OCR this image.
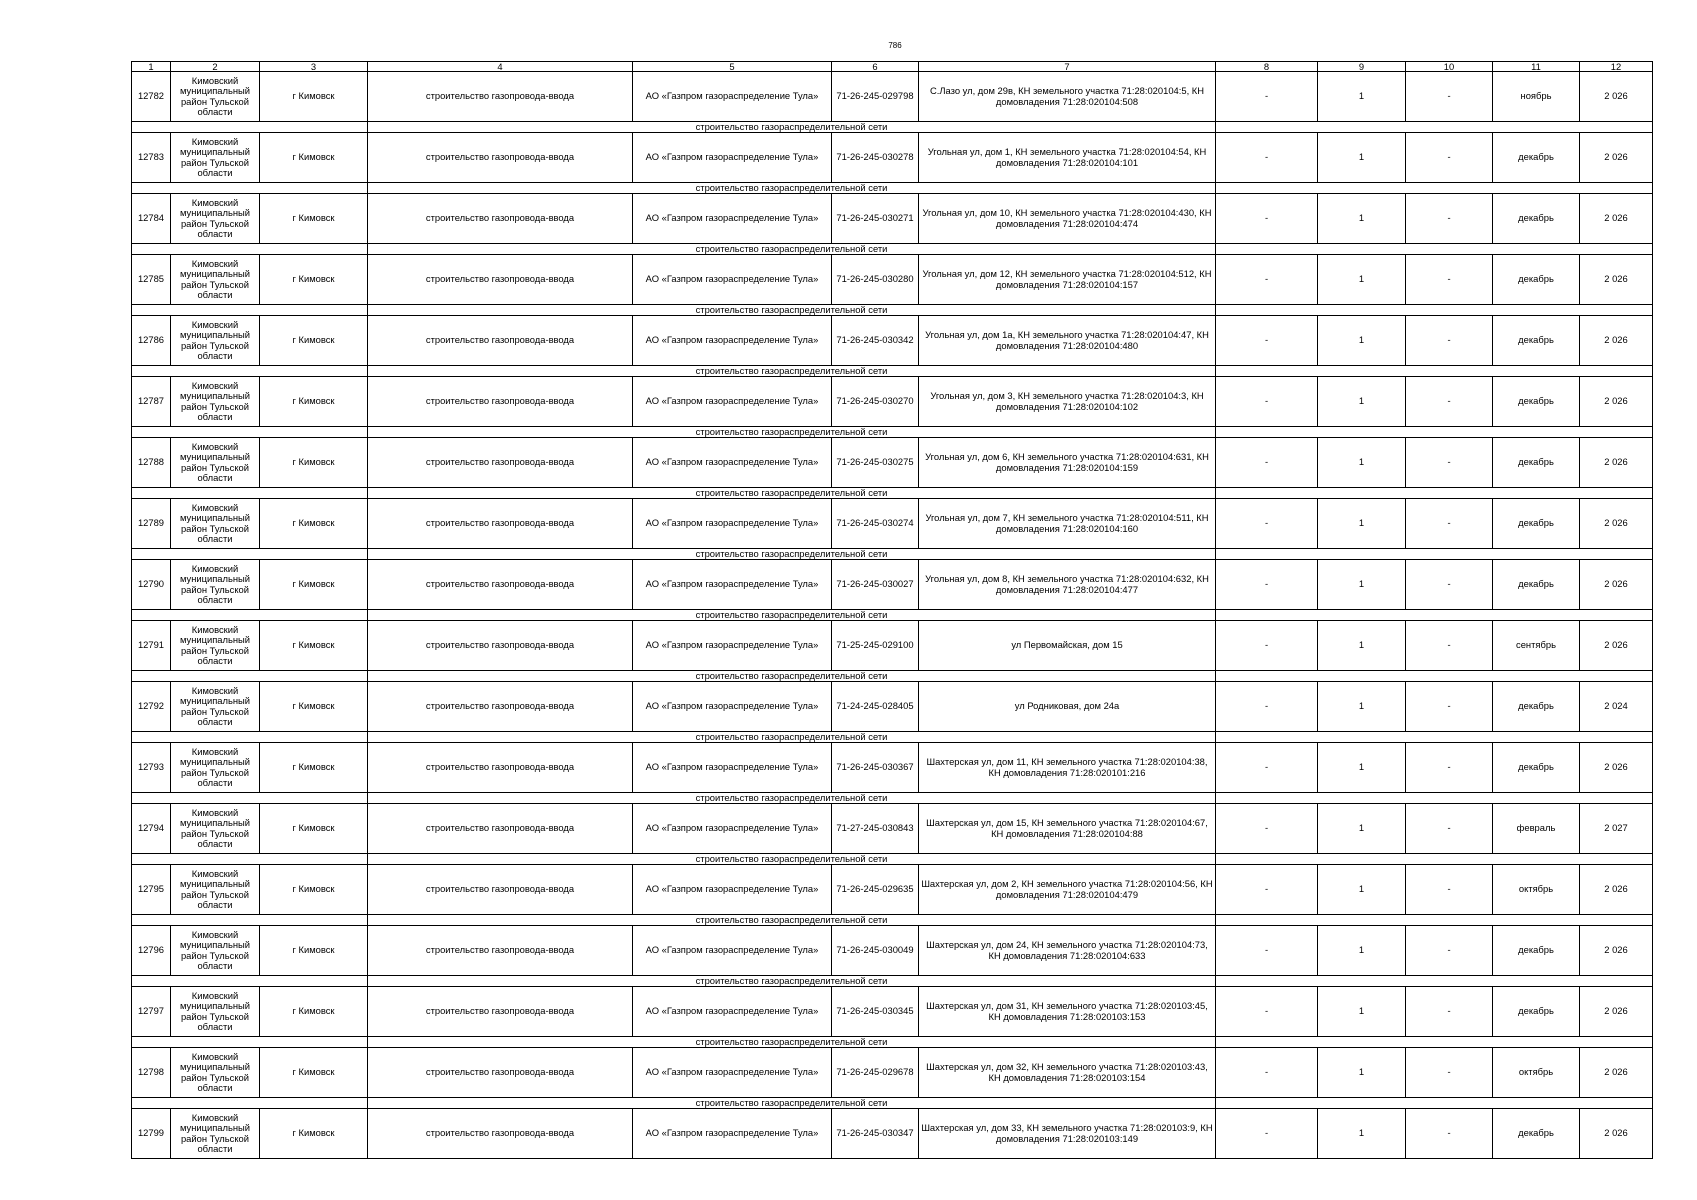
786
1	2	3	4	5	6	7	8	9	10	11	12
12782	Кимовский муниципальный район Тульской области	г Кимовск	строительство газопровода-ввода	АО «Газпром газораспределение Тула»	71-26-245-029798	С.Лазо ул, дом 29в, КН земельного участка 71:28:020104:5, КН домовладения 71:28:020104:508	-	1	-	ноябрь	2 026
			строительство газораспределительной сети								
12783	Кимовский муниципальный район Тульской области	г Кимовск	строительство газопровода-ввода	АО «Газпром газораспределение Тула»	71-26-245-030278	Угольная ул, дом 1, КН земельного участка 71:28:020104:54, КН домовладения 71:28:020104:101	-	1	-	декабрь	2 026
			строительство газораспределительной сети								
12784	Кимовский муниципальный район Тульской области	г Кимовск	строительство газопровода-ввода	АО «Газпром газораспределение Тула»	71-26-245-030271	Угольная ул, дом 10, КН земельного участка 71:28:020104:430, КН домовладения 71:28:020104:474	-	1	-	декабрь	2 026
			строительство газораспределительной сети								
12785	Кимовский муниципальный район Тульской области	г Кимовск	строительство газопровода-ввода	АО «Газпром газораспределение Тула»	71-26-245-030280	Угольная ул, дом 12, КН земельного участка 71:28:020104:512, КН домовладения 71:28:020104:157	-	1	-	декабрь	2 026
			строительство газораспределительной сети								
12786	Кимовский муниципальный район Тульской области	г Кимовск	строительство газопровода-ввода	АО «Газпром газораспределение Тула»	71-26-245-030342	Угольная ул, дом 1а, КН земельного участка 71:28:020104:47, КН домовладения 71:28:020104:480	-	1	-	декабрь	2 026
			строительство газораспределительной сети								
12787	Кимовский муниципальный район Тульской области	г Кимовск	строительство газопровода-ввода	АО «Газпром газораспределение Тула»	71-26-245-030270	Угольная ул, дом 3, КН земельного участка 71:28:020104:3, КН домовладения 71:28:020104:102	-	1	-	декабрь	2 026
			строительство газораспределительной сети								
12788	Кимовский муниципальный район Тульской области	г Кимовск	строительство газопровода-ввода	АО «Газпром газораспределение Тула»	71-26-245-030275	Угольная ул, дом 6, КН земельного участка 71:28:020104:631, КН домовладения 71:28:020104:159	-	1	-	декабрь	2 026
			строительство газораспределительной сети								
12789	Кимовский муниципальный район Тульской области	г Кимовск	строительство газопровода-ввода	АО «Газпром газораспределение Тула»	71-26-245-030274	Угольная ул, дом 7, КН земельного участка 71:28:020104:511, КН домовладения 71:28:020104:160	-	1	-	декабрь	2 026
			строительство газораспределительной сети								
12790	Кимовский муниципальный район Тульской области	г Кимовск	строительство газопровода-ввода	АО «Газпром газораспределение Тула»	71-26-245-030027	Угольная ул, дом 8, КН земельного участка 71:28:020104:632, КН домовладения 71:28:020104:477	-	1	-	декабрь	2 026
			строительство газораспределительной сети								
12791	Кимовский муниципальный район Тульской области	г Кимовск	строительство газопровода-ввода	АО «Газпром газораспределение Тула»	71-25-245-029100	ул Первомайская, дом 15	-	1	-	сентябрь	2 026
			строительство газораспределительной сети								
12792	Кимовский муниципальный район Тульской области	г Кимовск	строительство газопровода-ввода	АО «Газпром газораспределение Тула»	71-24-245-028405	ул Родниковая, дом 24а	-	1	-	декабрь	2 024
			строительство газораспределительной сети								
12793	Кимовский муниципальный район Тульской области	г Кимовск	строительство газопровода-ввода	АО «Газпром газораспределение Тула»	71-26-245-030367	Шахтерская ул, дом 11, КН земельного участка 71:28:020104:38, КН домовладения 71:28:020101:216	-	1	-	декабрь	2 026
			строительство газораспределительной сети								
12794	Кимовский муниципальный район Тульской области	г Кимовск	строительство газопровода-ввода	АО «Газпром газораспределение Тула»	71-27-245-030843	Шахтерская ул, дом 15, КН земельного участка 71:28:020104:67, КН домовладения 71:28:020104:88	-	1	-	февраль	2 027
			строительство газораспределительной сети								
12795	Кимовский муниципальный район Тульской области	г Кимовск	строительство газопровода-ввода	АО «Газпром газораспределение Тула»	71-26-245-029635	Шахтерская ул, дом 2, КН земельного участка 71:28:020104:56, КН домовладения 71:28:020104:479	-	1	-	октябрь	2 026
			строительство газораспределительной сети								
12796	Кимовский муниципальный район Тульской области	г Кимовск	строительство газопровода-ввода	АО «Газпром газораспределение Тула»	71-26-245-030049	Шахтерская ул, дом 24, КН земельного участка 71:28:020104:73, КН домовладения 71:28:020104:633	-	1	-	декабрь	2 026
			строительство газораспределительной сети								
12797	Кимовский муниципальный район Тульской области	г Кимовск	строительство газопровода-ввода	АО «Газпром газораспределение Тула»	71-26-245-030345	Шахтерская ул, дом 31, КН земельного участка 71:28:020103:45, КН домовладения 71:28:020103:153	-	1	-	декабрь	2 026
			строительство газораспределительной сети								
12798	Кимовский муниципальный район Тульской области	г Кимовск	строительство газопровода-ввода	АО «Газпром газораспределение Тула»	71-26-245-029678	Шахтерская ул, дом 32, КН земельного участка 71:28:020103:43, КН домовладения 71:28:020103:154	-	1	-	октябрь	2 026
			строительство газораспределительной сети								
12799	Кимовский муниципальный район Тульской области	г Кимовск	строительство газопровода-ввода	АО «Газпром газораспределение Тула»	71-26-245-030347	Шахтерская ул, дом 33, КН земельного участка 71:28:020103:9, КН домовладения 71:28:020103:149	-	1	-	декабрь	2 026
